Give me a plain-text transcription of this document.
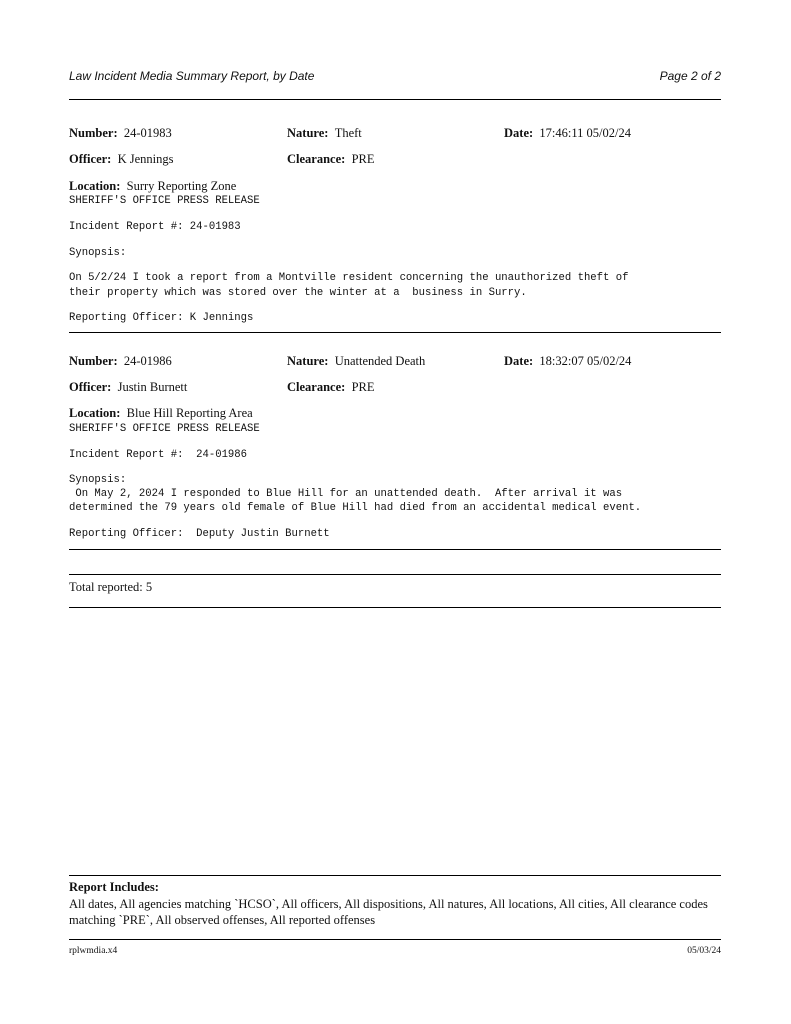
Law Incident Media Summary Report, by Date	Page 2 of 2
Number: 24-01983	Nature: Theft	Date: 17:46:11 05/02/24
Officer: K Jennings	Clearance: PRE
Location: Surry Reporting Zone
SHERIFF'S OFFICE PRESS RELEASE
Incident Report #: 24-01983
Synopsis:
On 5/2/24 I took a report from a Montville resident concerning the unauthorized theft of
their property which was stored over the winter at a  business in Surry.
Reporting Officer: K Jennings
Number: 24-01986	Nature: Unattended Death	Date: 18:32:07 05/02/24
Officer: Justin Burnett	Clearance: PRE
Location: Blue Hill Reporting Area
SHERIFF'S OFFICE PRESS RELEASE
Incident Report #:  24-01986
Synopsis:
On May 2, 2024 I responded to Blue Hill for an unattended death.  After arrival it was
determined the 79 years old female of Blue Hill had died from an accidental medical event.
Reporting Officer:  Deputy Justin Burnett
Total reported: 5
Report Includes:
All dates, All agencies matching `HCSO`, All officers, All dispositions, All natures, All locations, All cities, All clearance codes matching `PRE`, All observed offenses, All reported offenses
rplwmdia.x4	05/03/24
